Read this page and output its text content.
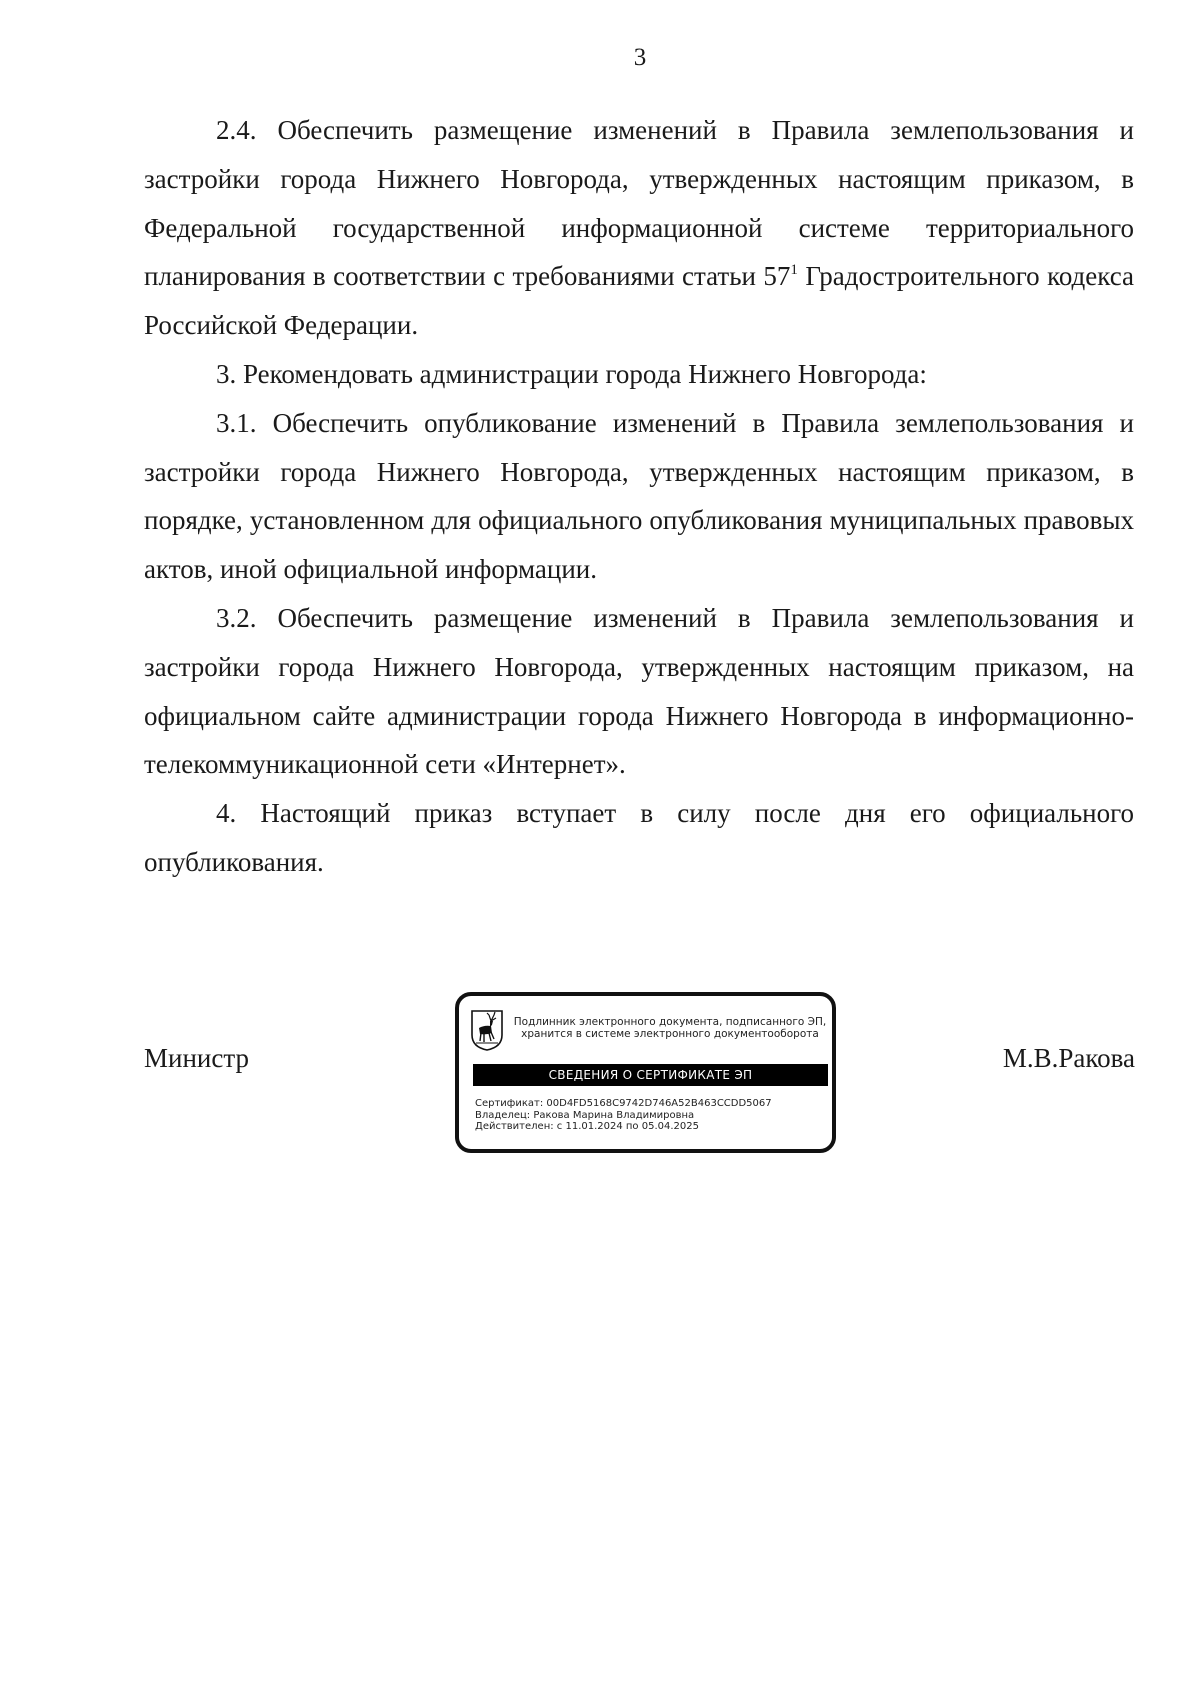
3

2.4. Обеспечить размещение изменений в Правила землепользования и застройки города Нижнего Новгорода, утвержденных настоящим приказом, в Федеральной государственной информационной системе территориального планирования в соответствии с требованиями статьи $57^1$ Градостроительного кодекса Российской Федерации.

3. Рекомендовать администрации города Нижнего Новгорода:

3.1. Обеспечить опубликование изменений в Правила землепользования и застройки города Нижнего Новгорода, утвержденных настоящим приказом, в порядке, установленном для официального опубликования муниципальных правовых актов, иной официальной информации.

3.2. Обеспечить размещение изменений в Правила землепользования и застройки города Нижнего Новгорода, утвержденных настоящим приказом, на официальном сайте администрации города Нижнего Новгорода в информационно-телекоммуникационной сети «Интернет».

4. Настоящий приказ вступает в силу после дня его официального опубликования.

Министр	М.В.Ракова
Подлинник электронного документа, подписанного ЭП,
хранится в системе электронного документооборота
СВЕДЕНИЯ О СЕРТИФИКАТЕ ЭП
Сертификат: 00D4FD5168C9742D746A52B463CCDD5067
Владелец: Ракова Марина Владимировна
Действителен: с 11.01.2024 по 05.04.2025
